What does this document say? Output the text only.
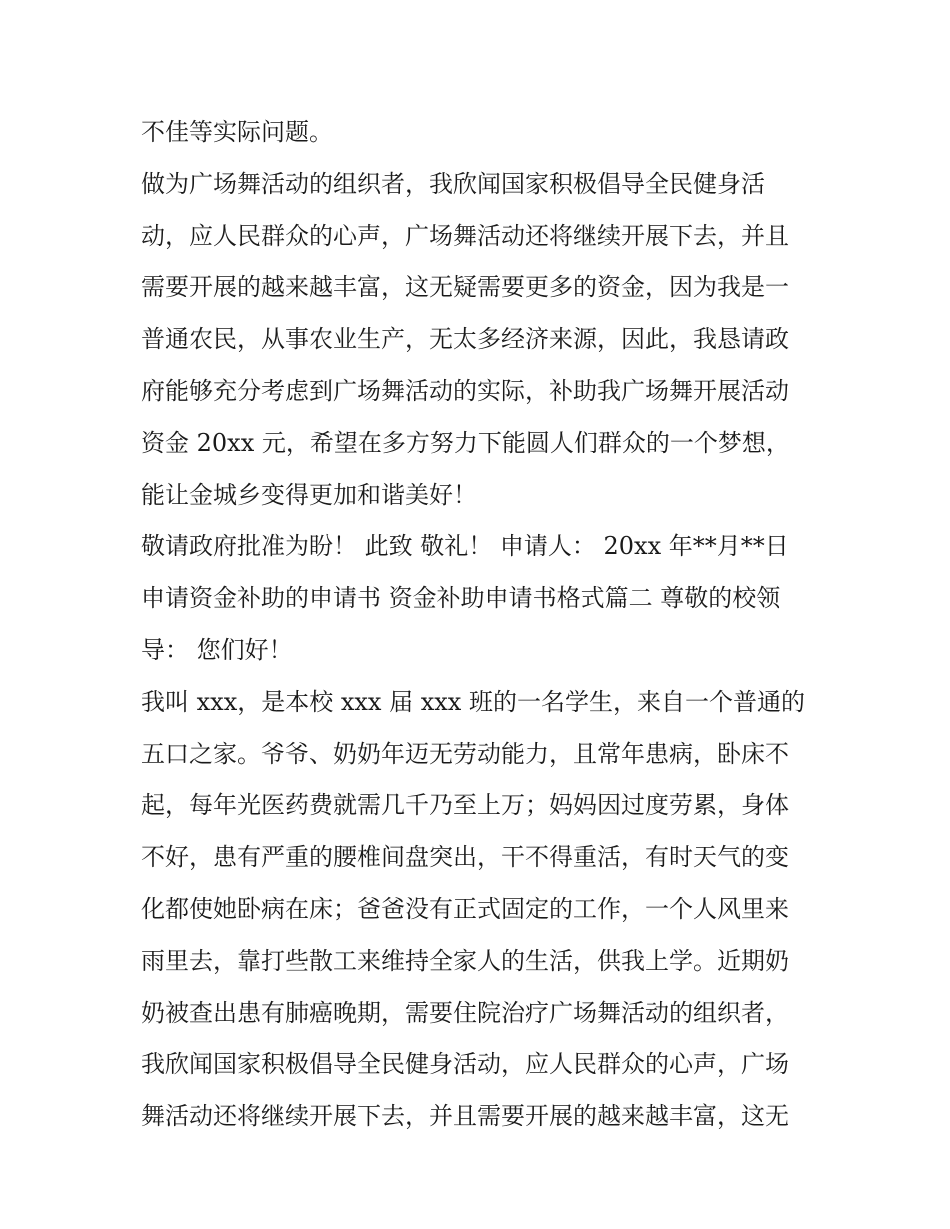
不佳等实际问题。
做为广场舞活动的组织者，我欣闻国家积极倡导全民健身活
动，应人民群众的心声，广场舞活动还将继续开展下去，并且
需要开展的越来越丰富，这无疑需要更多的资金，因为我是一
普通农民，从事农业生产，无太多经济来源，因此，我恳请政
府能够充分考虑到广场舞活动的实际，补助我广场舞开展活动
资金 20xx 元，希望在多方努力下能圆人们群众的一个梦想，
能让金城乡变得更加和谐美好！
敬请政府批准为盼！ 此致 敬礼！ 申请人： 20xx 年**月**日
申请资金补助的申请书 资金补助申请书格式篇二 尊敬的校领
导： 您们好！
我叫 xxx，是本校 xxx 届 xxx 班的一名学生，来自一个普通的
五口之家。爷爷、奶奶年迈无劳动能力，且常年患病，卧床不
起，每年光医药费就需几千乃至上万；妈妈因过度劳累，身体
不好，患有严重的腰椎间盘突出，干不得重活，有时天气的变
化都使她卧病在床；爸爸没有正式固定的工作，一个人风里来
雨里去，靠打些散工来维持全家人的生活，供我上学。近期奶
奶被查出患有肺癌晚期，需要住院治疗广场舞活动的组织者，
我欣闻国家积极倡导全民健身活动，应人民群众的心声，广场
舞活动还将继续开展下去，并且需要开展的越来越丰富，这无
